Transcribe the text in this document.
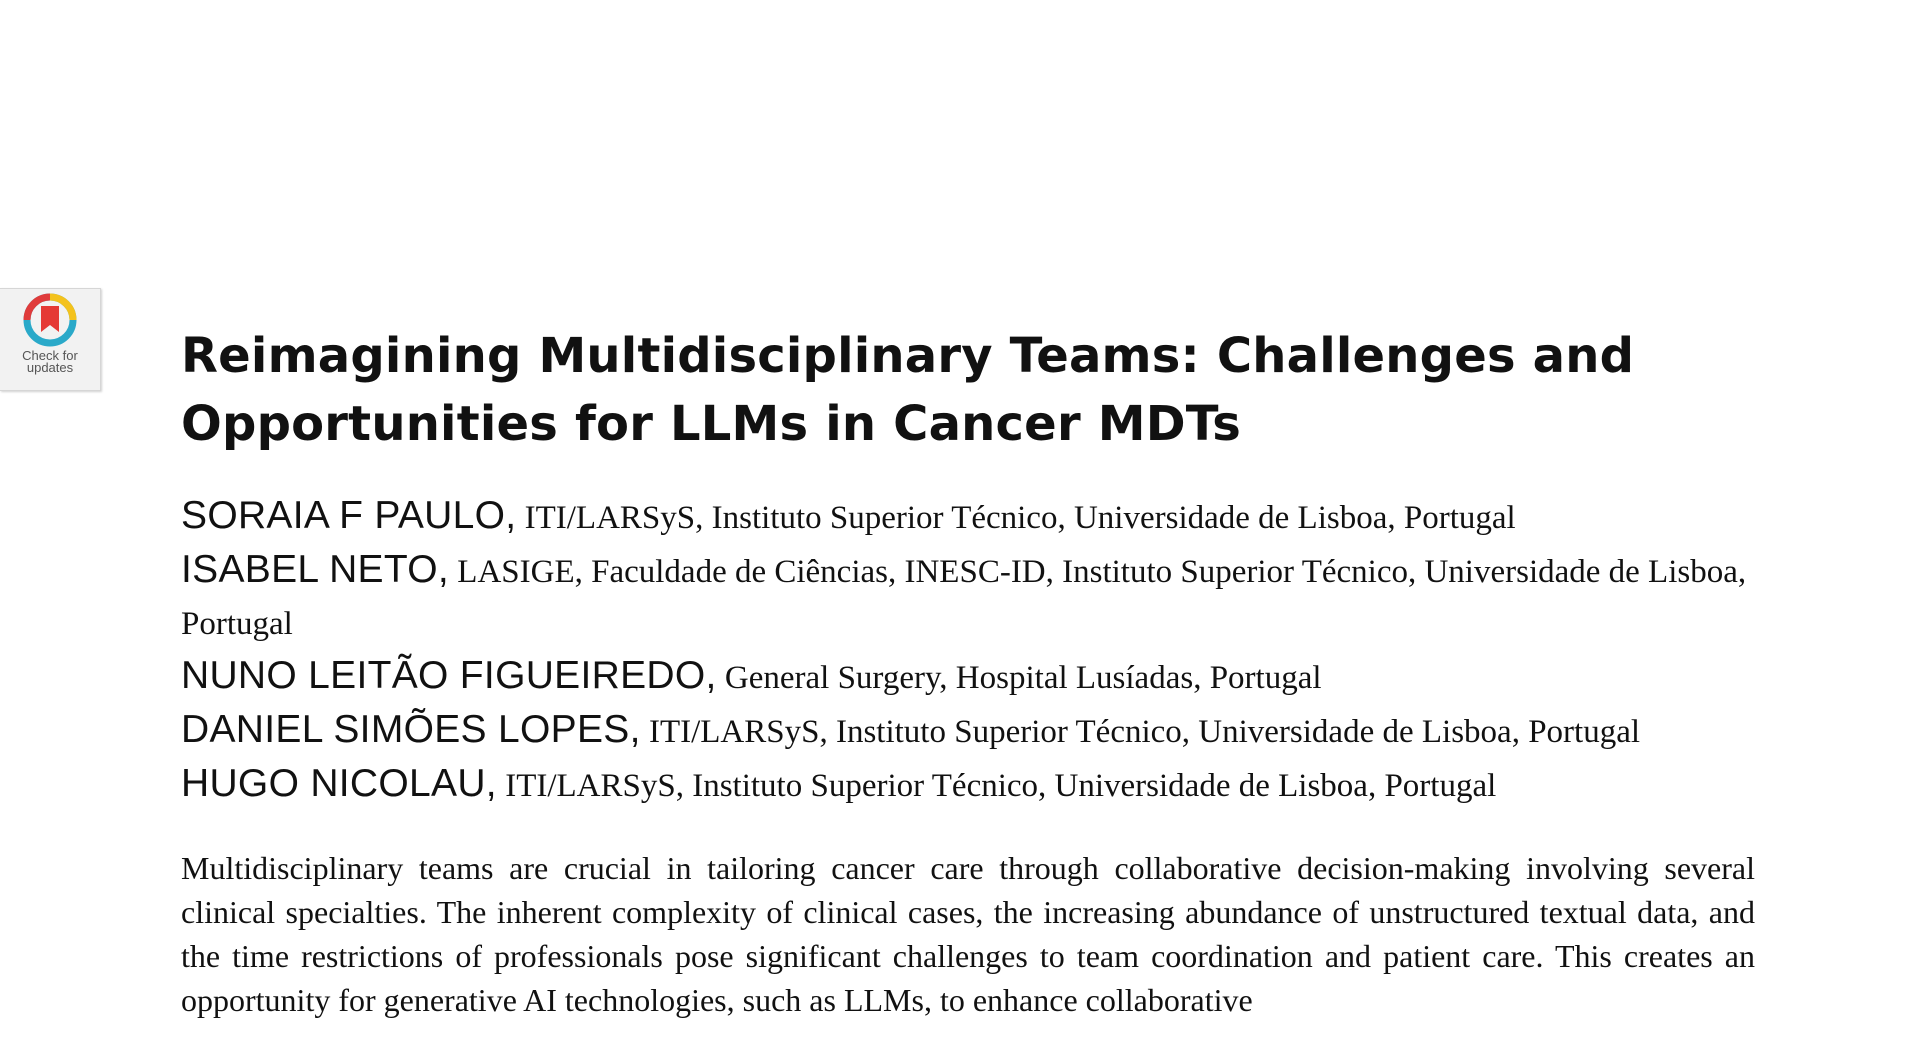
Check for
updates Reimagining Multidisciplinary Teams: Challenges and
Opportunities for LLMs in Cancer MDTs

SORAIA F PAULO, ITI/LARSyS, Instituto Superior Técnico, Universidade de Lisboa, Portugal

ISABEL NETO, LASIGE, Faculdade de Ciências, INESC-ID, Instituto Superior Técnico, Universidade de Lisboa, Portugal

NUNO LEITÃO FIGUEIREDO, General Surgery, Hospital Lusíadas, Portugal

DANIEL SIMÕES LOPES, ITI/LARSyS, Instituto Superior Técnico, Universidade de Lisboa, Portugal

HUGO NICOLAU, ITI/LARSyS, Instituto Superior Técnico, Universidade de Lisboa, Portugal

Multidisciplinary teams are crucial in tailoring cancer care through collaborative decision-making involving several clinical specialties. The inherent complexity of clinical cases, the increasing abundance of unstructured textual data, and the time restrictions of professionals pose significant challenges to team coordination and patient care. This creates an opportunity for generative AI technologies, such as LLMs, to enhance collaborative
